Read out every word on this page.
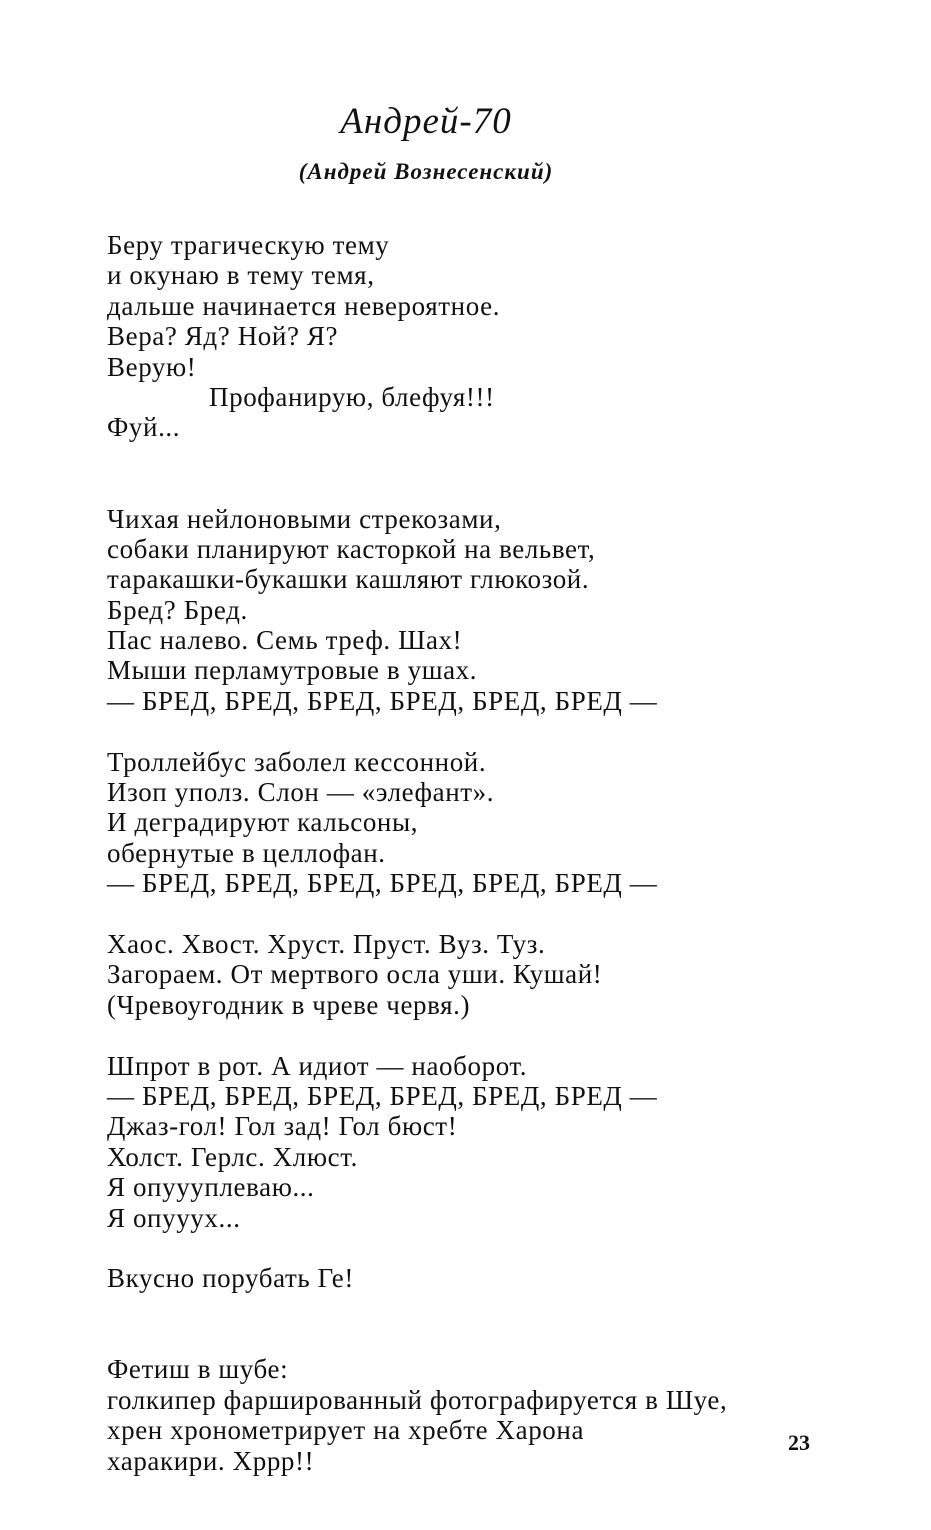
Андрей-70
(Андрей Вознесенский)
Беру трагическую тему
и окунаю в тему темя,
дальше начинается невероятное.
Вера? Яд? Ной? Я?
Верую!
Профанирую, блефуя!!!
Фуй...
Чихая нейлоновыми стрекозами,
собаки планируют касторкой на вельвет,
таракашки-букашки кашляют глюкозой.
Бред? Бред.
Пас налево. Семь треф. Шах!
Мыши перламутровые в ушах.
— БРЕД, БРЕД, БРЕД, БРЕД, БРЕД, БРЕД —
Троллейбус заболел кессонной.
Изоп уполз. Слон — «элефант».
И деградируют кальсоны,
обернутые в целлофан.
— БРЕД, БРЕД, БРЕД, БРЕД, БРЕД, БРЕД —
Хаос. Хвост. Хруст. Пруст. Вуз. Туз.
Загораем. От мертвого осла уши. Кушай!
(Чревоугодник в чреве червя.)
Шпрот в рот. А идиот — наоборот.
— БРЕД, БРЕД, БРЕД, БРЕД, БРЕД, БРЕД —
Джаз-гол! Гол зад! Гол бюст!
Холст. Герлс. Хлюст.
Я опуууплеваю...
Я опууух...
Вкусно порубать Ге!
Фетиш в шубе:
голкипер фаршированный фотографируется в Шуе,
хрен хронометрирует на хребте Харона
харакири. Хррр!!
23
